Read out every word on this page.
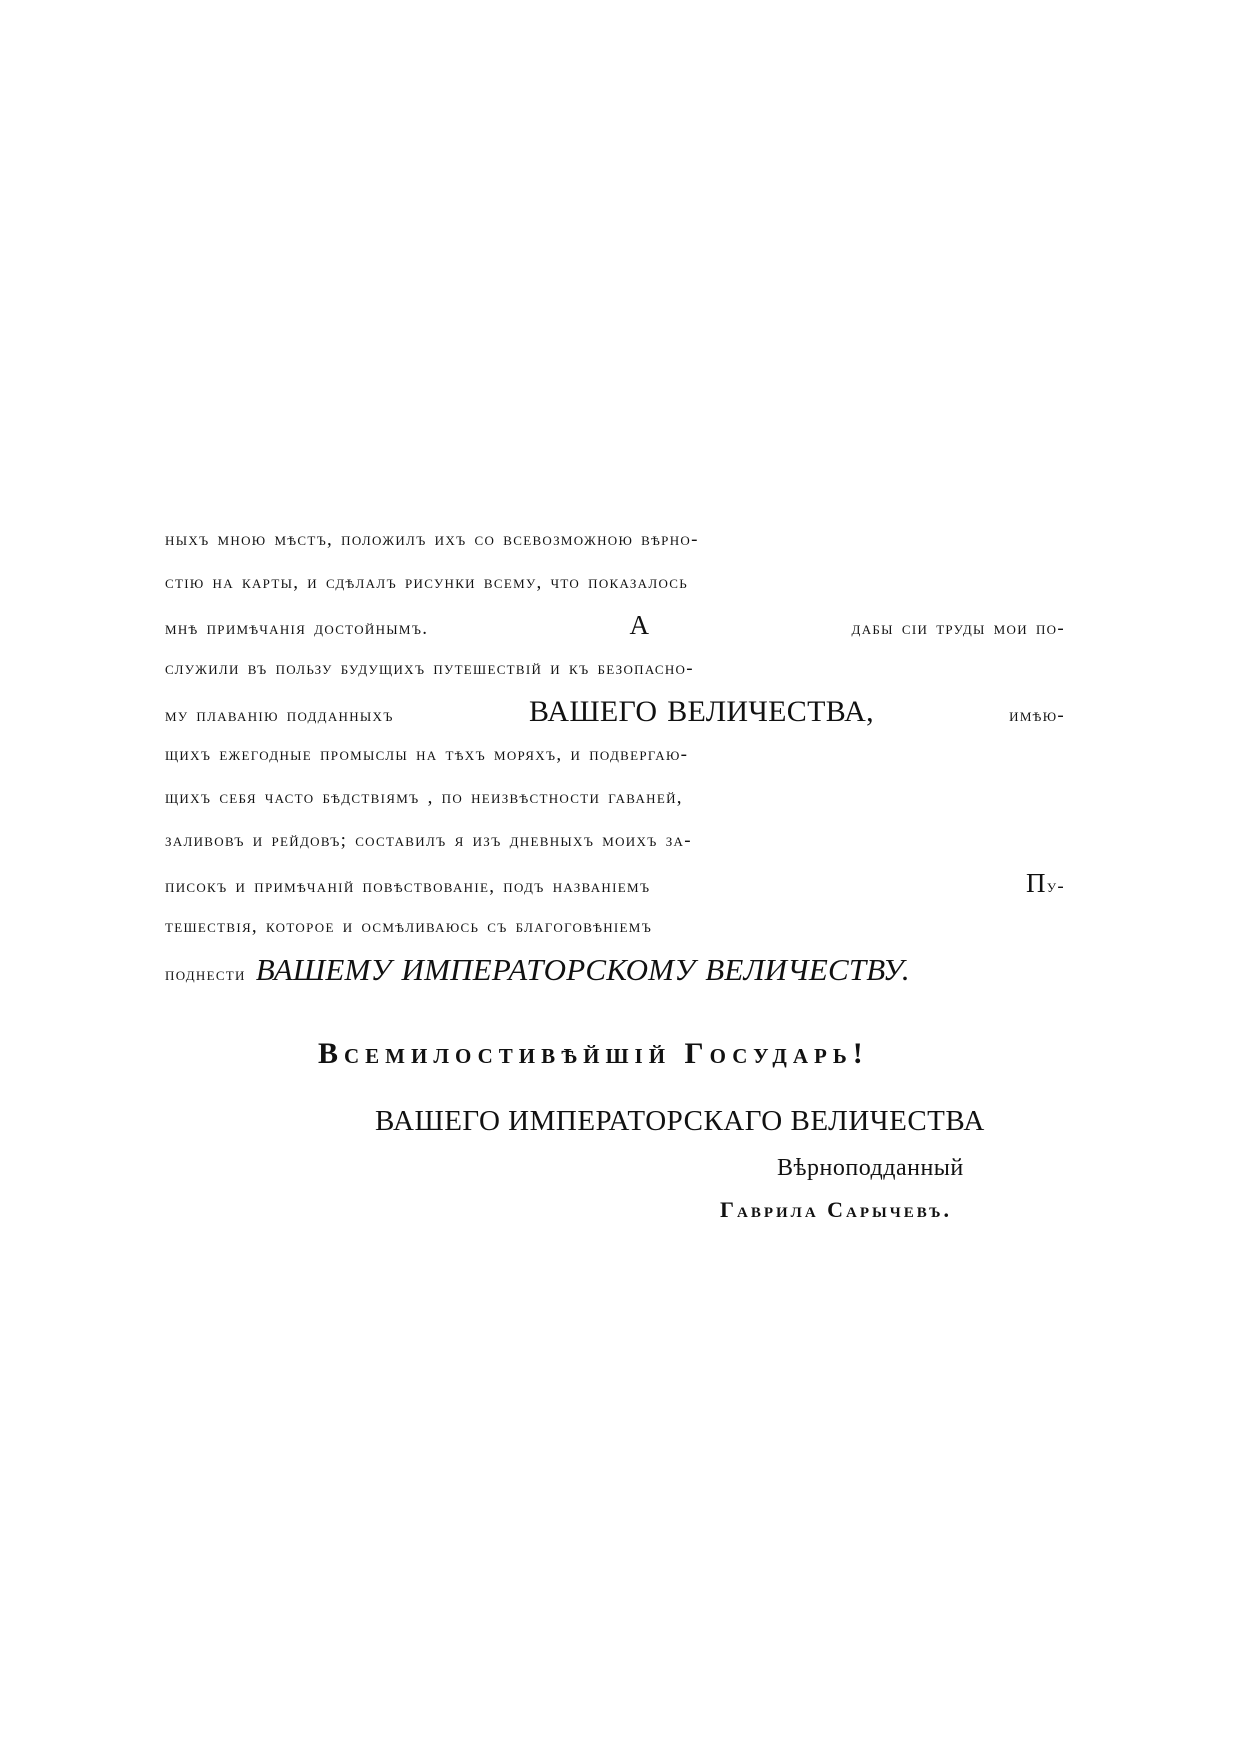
ныхъ мною мѣстъ, положилъ ихъ со всевозможною вѣрно-
стію на карты, и сдѣлалъ рисунки всему, что показалось
мнѣ примѣчанія достойнымъ.	А	дабы сіи труды мои по-
служили въ пользу будущихъ путешествій и къ безопасно-
му плаванію подданныхъ	ВАШЕГО ВЕЛИЧЕСТВА,	имѣю-
щихъ ежегодные промыслы на тѣхъ моряхъ, и подвергаю-
щихъ себя часто бѣдствіямъ , по неизвѣстности гаваней,
заливовъ и рейдовъ; составилъ я изъ дневныхъ моихъ за-
писокъ и примѣчаній повѣствованіе, подъ названіемъ	П у-
тешествія, которое и осмѣливаюсь съ благоговѣніемъ
поднести ВАШЕМУ ИМПЕРАТОРСКОМУ ВЕЛИЧЕСТВУ.
Всемилостивѣйшій Государь!
ВАШЕГО ИМПЕРАТОРСКАГО ВЕЛИЧЕСТВА
Вѣрноподданный
Гаврила Сарычевъ.
